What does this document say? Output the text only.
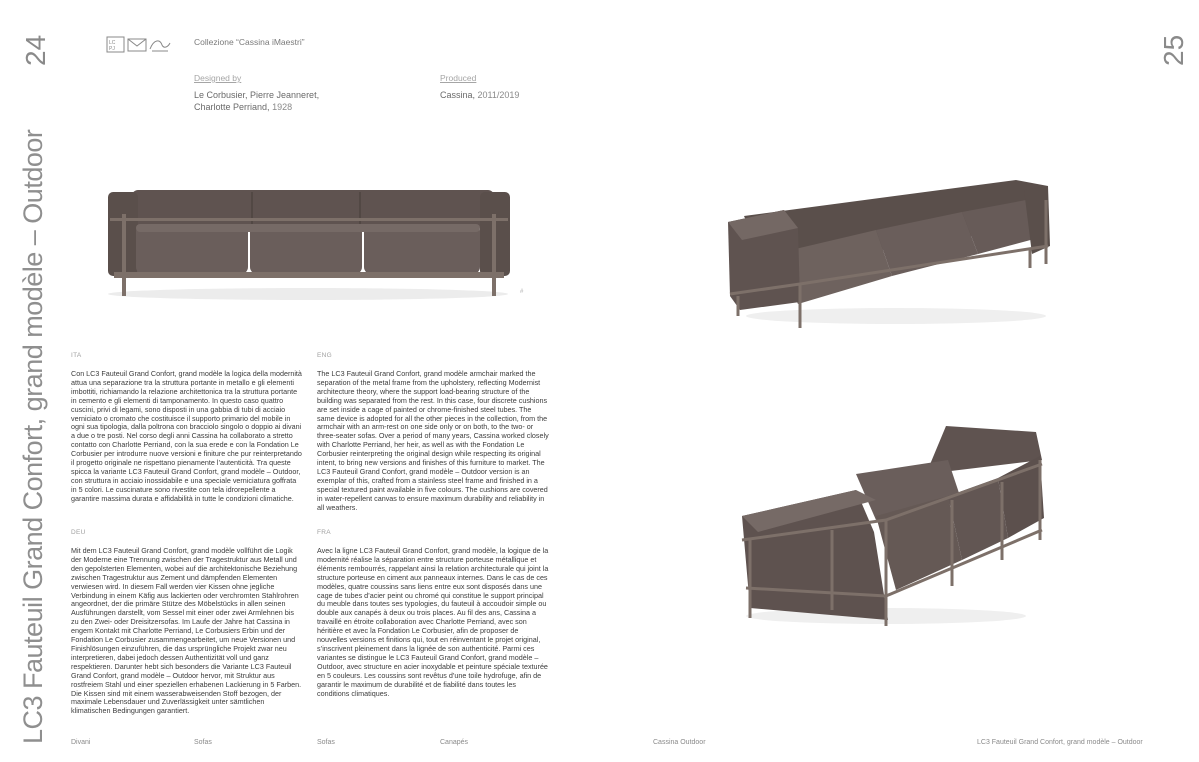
24	25
LC3 Fauteuil Grand Confort, grand modèle – Outdoor
LC
PJ
Collezione “Cassina iMaestri”
Designed by
Le Corbusier, Pierre Jeanneret,
Charlotte Perriand, 1928
Produced
Cassina, 2011/2019
#
ITA
Con LC3 Fauteuil Grand Confort, grand modèle la logica della modernità attua una separazione tra la struttura portante in metallo e gli elementi imbottiti, richiamando la relazione architettonica tra la struttura portante in cemento e gli elementi di tamponamento. In questo caso quattro cuscini, privi di legami, sono disposti in una gabbia di tubi di acciaio verniciato o cromato che costituisce il supporto primario del mobile in ogni sua tipologia, dalla poltrona con bracciolo singolo o doppio ai divani a due o tre posti. Nel corso degli anni Cassina ha collaborato a stretto contatto con Charlotte Perriand, con la sua erede e con la Fondation Le Corbusier per introdurre nuove versioni e finiture che pur reinterpretando il progetto originale ne rispettano pienamente l’autenticità. Tra queste spicca la variante LC3 Fauteuil Grand Confort, grand modèle – Outdoor, con struttura in acciaio inossidabile e una speciale verniciatura goffrata in 5 colori. Le cuscinature sono rivestite con tela idrorepellente a garantire massima durata e affidabilità in tutte le condizioni climatiche.
ENG
The LC3 Fauteuil Grand Confort, grand modèle armchair marked the separation of the metal frame from the upholstery, reflecting Modernist architecture theory, where the support load-bearing structure of the building was separated from the rest. In this case, four discrete cushions are set inside a cage of painted or chrome-finished steel tubes. The same device is adopted for all the other pieces in the collection, from the armchair with an arm-rest on one side only or on both, to the two- or three-seater sofas. Over a period of many years, Cassina worked closely with Charlotte Perriand, her heir, as well as with the Fondation Le Corbusier reinterpreting the original design while respecting its original intent, to bring new versions and finishes of this furniture to market. The LC3 Fauteuil Grand Confort, grand modèle – Outdoor version is an exemplar of this, crafted from a stainless steel frame and finished in a special textured paint available in five colours. The cushions are covered in water-repellent canvas to ensure maximum durability and reliability in all weathers.
DEU
Mit dem LC3 Fauteuil Grand Confort, grand modèle vollführt die Logik der Moderne eine Trennung zwischen der Tragestruktur aus Metall und den gepolsterten Elementen, wobei auf die architektonische Beziehung zwischen Tragestruktur aus Zement und dämpfenden Elementen verwiesen wird. In diesem Fall werden vier Kissen ohne jegliche Verbindung in einem Käfig aus lackierten oder verchromten Stahlrohren angeordnet, der die primäre Stütze des Möbelstücks in allen seinen Ausführungen darstellt, vom Sessel mit einer oder zwei Armlehnen bis zu den Zwei- oder Dreisitzersofas. Im Laufe der Jahre hat Cassina in engem Kontakt mit Charlotte Perriand, Le Corbusiers Erbin und der Fondation Le Corbusier zusammengearbeitet, um neue Versionen und Finishlösungen einzuführen, die das ursprüngliche Projekt zwar neu interpretieren, dabei jedoch dessen Authentizität voll und ganz respektieren. Darunter hebt sich besonders die Variante LC3 Fauteuil Grand Confort, grand modèle – Outdoor hervor, mit Struktur aus rostfreiem Stahl und einer speziellen erhabenen Lackierung in 5 Farben. Die Kissen sind mit einem wasserabweisenden Stoff bezogen, der maximale Lebensdauer und Zuverlässigkeit unter sämtlichen klimatischen Bedingungen garantiert.
FRA
Avec la ligne LC3 Fauteuil Grand Confort, grand modèle, la logique de la modernité réalise la séparation entre structure porteuse métallique et éléments rembourrés, rappelant ainsi la relation architecturale qui joint la structure porteuse en ciment aux panneaux internes. Dans le cas de ces modèles, quatre coussins sans liens entre eux sont disposés dans une cage de tubes d’acier peint ou chromé qui constitue le support principal du meuble dans toutes ses typologies, du fauteuil à accoudoir simple ou double aux canapés à deux ou trois places. Au fil des ans, Cassina a travaillé en étroite collaboration avec Charlotte Perriand, avec son héritière et avec la Fondation Le Corbusier, afin de proposer de nouvelles versions et finitions qui, tout en réinventant le projet original, s’inscrivent pleinement dans la lignée de son authenticité. Parmi ces variantes se distingue le LC3 Fauteuil Grand Confort, grand modèle – Outdoor, avec structure en acier inoxydable et peinture spéciale texturée en 5 couleurs. Les coussins sont revêtus d’une toile hydrofuge, afin de garantir le maximum de durabilité et de fiabilité dans toutes les conditions climatiques.
Divani	Sofas	Sofas	Canapés	Cassina Outdoor	LC3 Fauteuil Grand Confort, grand modèle – Outdoor
